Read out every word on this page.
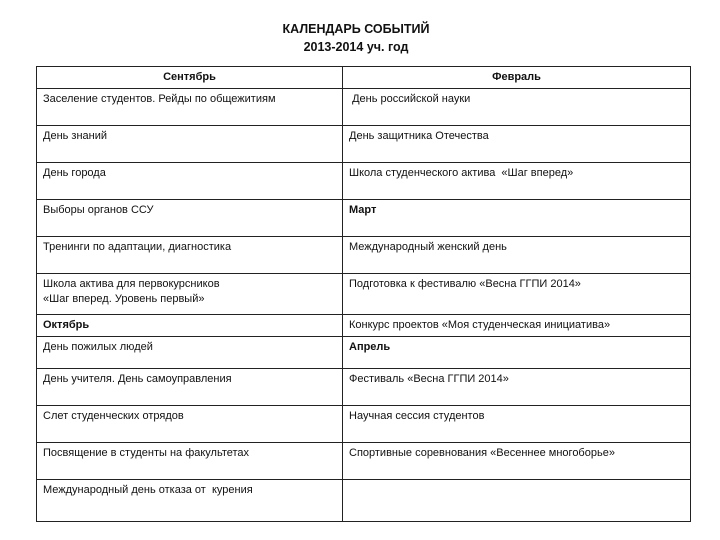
КАЛЕНДАРЬ СОБЫТИЙ
2013-2014 уч. год
Сентябрь	Февраль
Заселение студентов. Рейды по общежитиям	День российской науки
День знаний	День защитника Отечества
День города	Школа студенческого актива  «Шаг вперед»
Выборы органов ССУ	Март
Тренинги по адаптации, диагностика	Международный женский день
Школа актива для первокурсников
«Шаг вперед. Уровень первый»	Подготовка к фестивалю «Весна ГГПИ 2014»
Октябрь	Конкурс проектов «Моя студенческая инициатива»
День пожилых людей	Апрель
День учителя. День самоуправления	Фестиваль «Весна ГГПИ 2014»
Слет студенческих отрядов	Научная сессия студентов
Посвящение в студенты на факультетах	Спортивные соревнования «Весеннее многоборье»
Международный день отказа от  курения	
